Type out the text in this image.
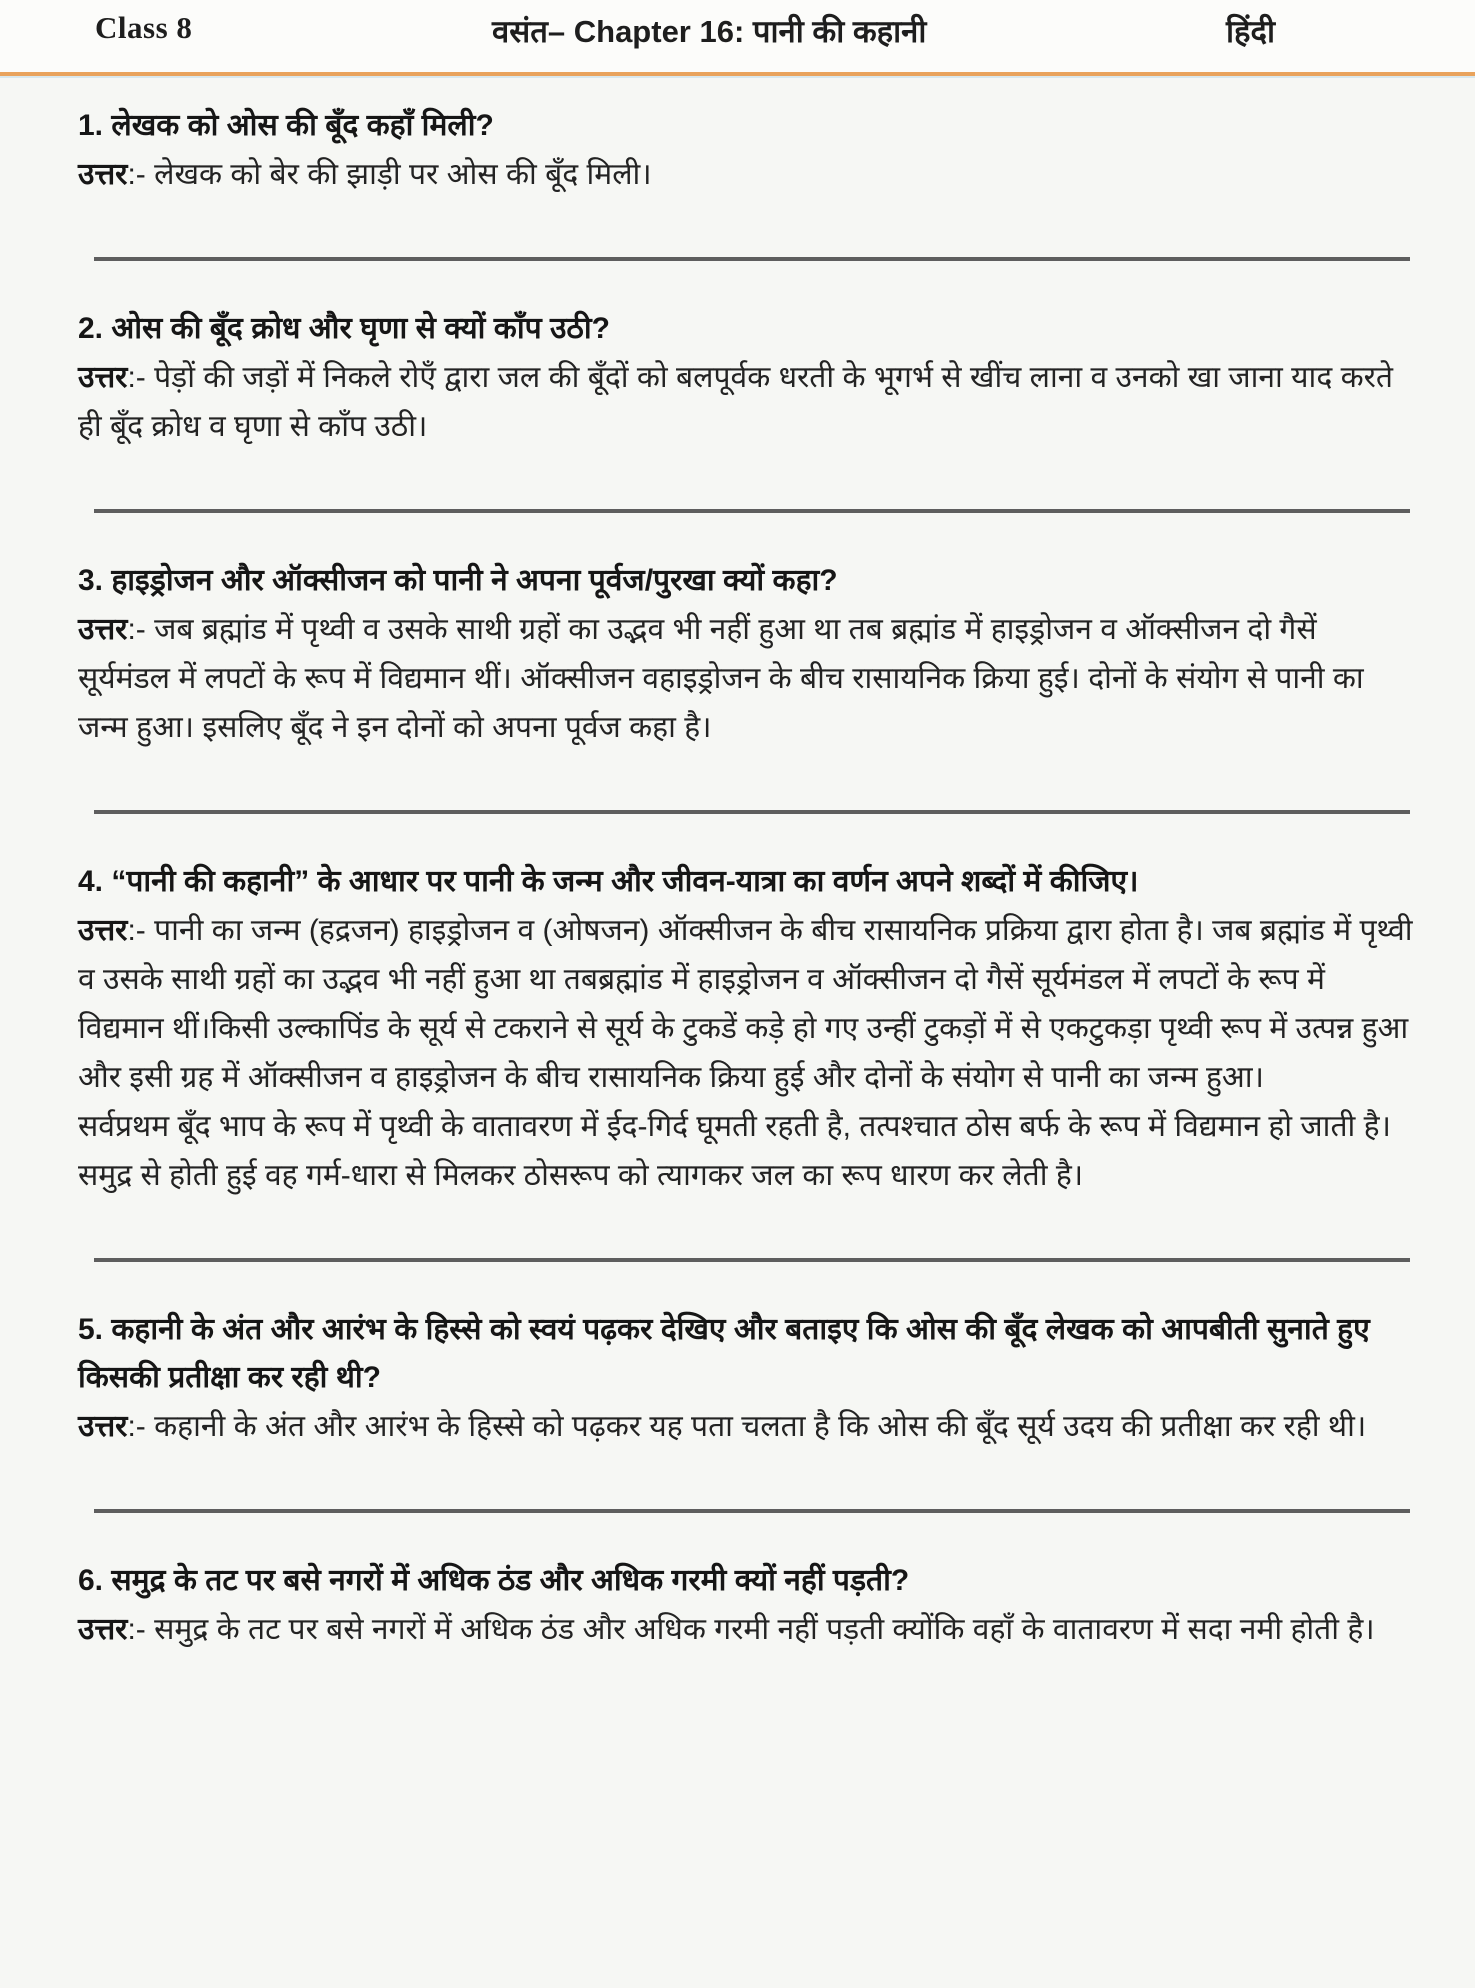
Class 8	वसंत– Chapter 16: पानी की कहानी	हिंदी

1. लेखक को ओस की बूँद कहाँ मिली?

उत्तर:- लेखक को बेर की झाड़ी पर ओस की बूँद मिली।

2. ओस की बूँद क्रोध और घृणा से क्यों काँप उठी?

उत्तर:- पेड़ों की जड़ों में निकले रोएँ द्वारा जल की बूँदों को बलपूर्वक धरती के भूगर्भ से खींच लाना व उनको खा जाना याद करते ही बूँद क्रोध व घृणा से काँप उठी।

3. हाइड्रोजन और ऑक्सीजन को पानी ने अपना पूर्वज/पुरखा क्यों कहा?

उत्तर:- जब ब्रह्मांड में पृथ्वी व उसके साथी ग्रहों का उद्भव भी नहीं हुआ था तब ब्रह्मांड में हाइड्रोजन व ऑक्सीजन दो गैसें सूर्यमंडल में लपटों के रूप में विद्यमान थीं। ऑक्सीजन वहाइड्रोजन के बीच रासायनिक क्रिया हुई। दोनों के संयोग से पानी का जन्म हुआ। इसलिए बूँद ने इन दोनों को अपना पूर्वज कहा है।

4. “पानी की कहानी” के आधार पर पानी के जन्म और जीवन-यात्रा का वर्णन अपने शब्दों में कीजिए।

उत्तर:- पानी का जन्म (हद्रजन) हाइड्रोजन व (ओषजन) ऑक्सीजन के बीच रासायनिक प्रक्रिया द्वारा होता है। जब ब्रह्मांड में पृथ्वी व उसके साथी ग्रहों का उद्भव भी नहीं हुआ था तबब्रह्मांड में हाइड्रोजन व ऑक्सीजन दो गैसें सूर्यमंडल में लपटों के रूप में विद्यमान थीं।किसी उल्कापिंड के सूर्य से टकराने से सूर्य के टुकडें कड़े हो गए उन्हीं टुकड़ों में से एकटुकड़ा पृथ्वी रूप में उत्पन्न हुआ और इसी ग्रह में ऑक्सीजन व हाइड्रोजन के बीच रासायनिक क्रिया हुई और दोनों के संयोग से पानी का जन्म हुआ।

सर्वप्रथम बूँद भाप के रूप में पृथ्वी के वातावरण में ईद-गिर्द घूमती रहती है, तत्पश्चात ठोस बर्फ के रूप में विद्यमान हो जाती है। समुद्र से होती हुई वह गर्म-धारा से मिलकर ठोसरूप को त्यागकर जल का रूप धारण कर लेती है।

5. कहानी के अंत और आरंभ के हिस्से को स्वयं पढ़कर देखिए और बताइए कि ओस की बूँद लेखक को आपबीती सुनाते हुए किसकी प्रतीक्षा कर रही थी?

उत्तर:- कहानी के अंत और आरंभ के हिस्से को पढ़कर यह पता चलता है कि ओस की बूँद सूर्य उदय की प्रतीक्षा कर रही थी।

6. समुद्र के तट पर बसे नगरों में अधिक ठंड और अधिक गरमी क्यों नहीं पड़ती?

उत्तर:- समुद्र के तट पर बसे नगरों में अधिक ठंड और अधिक गरमी नहीं पड़ती क्योंकि वहाँ के वातावरण में सदा नमी होती है।
